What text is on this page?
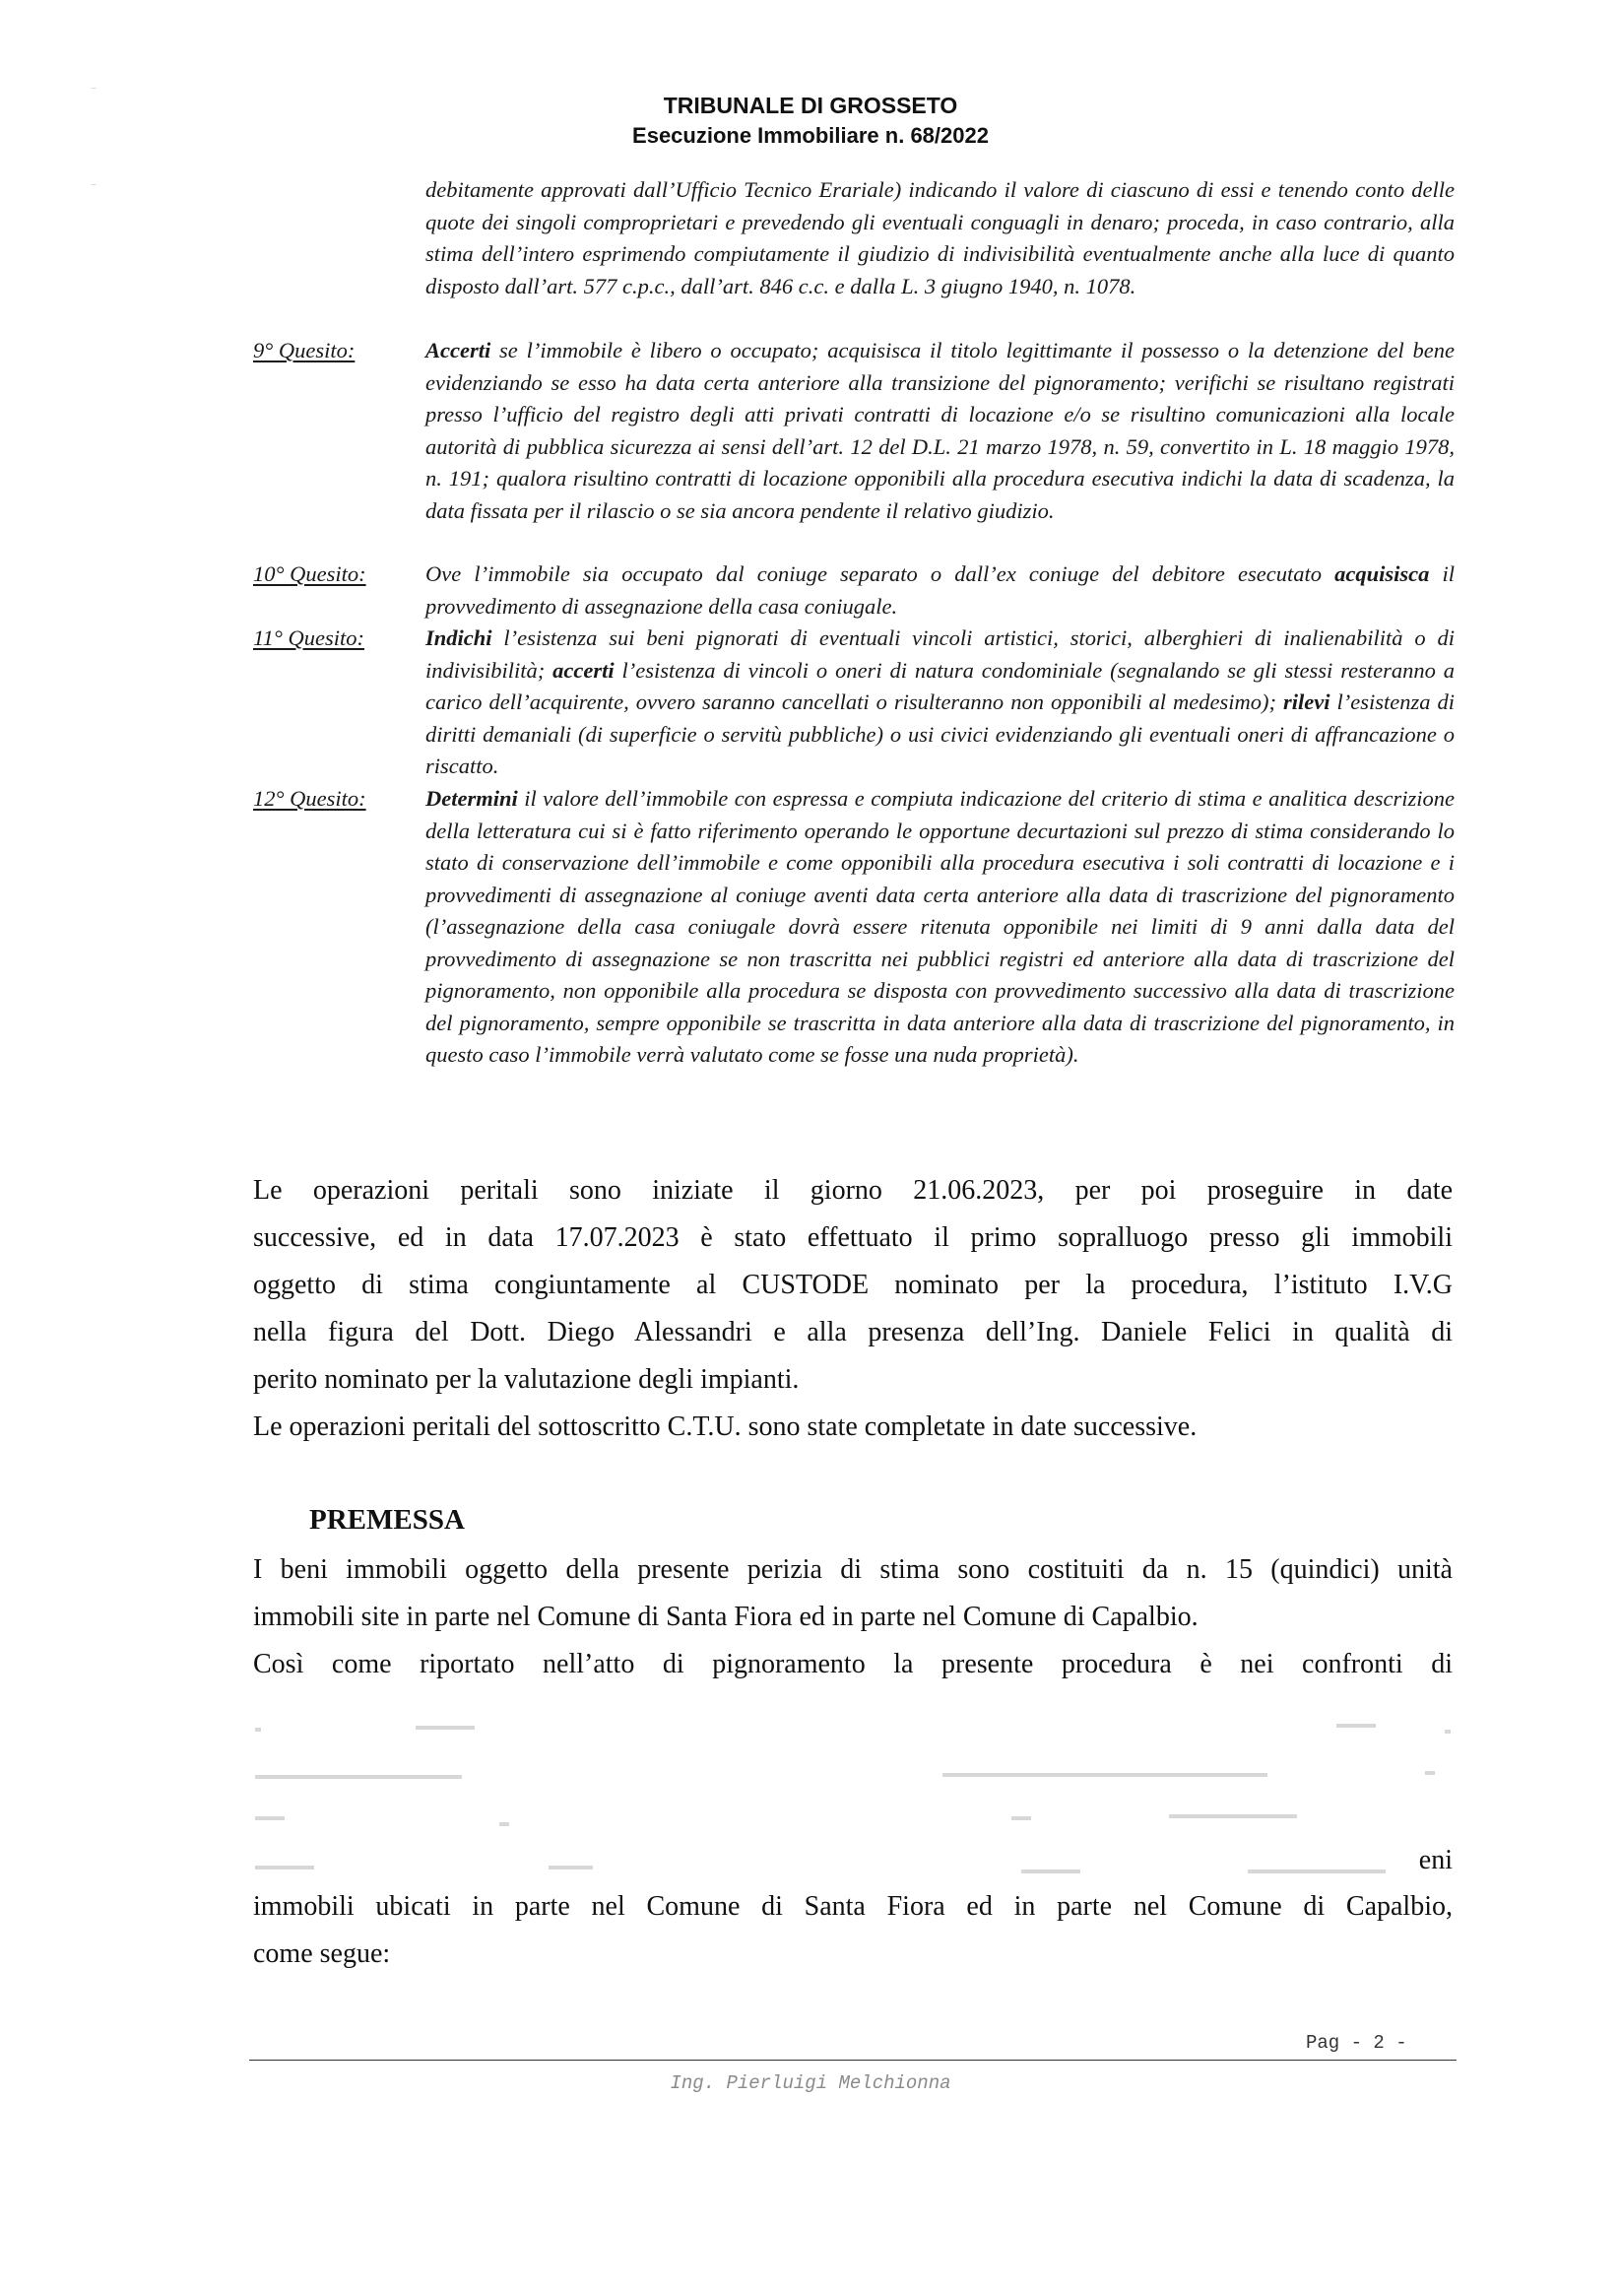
⁻
⁻
TRIBUNALE DI GROSSETO
Esecuzione Immobiliare n. 68/2022
debitamente approvati dall’Ufficio Tecnico Erariale) indicando il valore di ciascuno di essi e tenendo conto delle quote dei singoli comproprietari e prevedendo gli eventuali conguagli in denaro; proceda, in caso contrario, alla stima dell’intero esprimendo compiutamente il giudizio di indivisibilità eventualmente anche alla luce di quanto disposto dall’art. 577 c.p.c., dall’art. 846 c.c. e dalla L. 3 giugno 1940, n. 1078.
9° Quesito:	Accerti se l’immobile è libero o occupato; acquisisca il titolo legittimante il possesso o la detenzione del bene evidenziando se esso ha data certa anteriore alla transizione del pignoramento; verifichi se risultano registrati presso l’ufficio del registro degli atti privati contratti di locazione e/o se risultino comunicazioni alla locale autorità di pubblica sicurezza ai sensi dell’art. 12 del D.L. 21 marzo 1978, n. 59, convertito in L. 18 maggio 1978, n. 191; qualora risultino contratti di locazione opponibili alla procedura esecutiva indichi la data di scadenza, la data fissata per il rilascio o se sia ancora pendente il relativo giudizio.
10° Quesito:	Ove l’immobile sia occupato dal coniuge separato o dall’ex coniuge del debitore esecutato acquisisca il provvedimento di assegnazione della casa coniugale.
11° Quesito:	Indichi l’esistenza sui beni pignorati di eventuali vincoli artistici, storici, alberghieri di inalienabilità o di indivisibilità; accerti l’esistenza di vincoli o oneri di natura condominiale (segnalando se gli stessi resteranno a carico dell’acquirente, ovvero saranno cancellati o risulteranno non opponibili al medesimo); rilevi l’esistenza di diritti demaniali (di superficie o servitù pubbliche) o usi civici evidenziando gli eventuali oneri di affrancazione o riscatto.
12° Quesito:	Determini il valore dell’immobile con espressa e compiuta indicazione del criterio di stima e analitica descrizione della letteratura cui si è fatto riferimento operando le opportune decurtazioni sul prezzo di stima considerando lo stato di conservazione dell’immobile e come opponibili alla procedura esecutiva i soli contratti di locazione e i provvedimenti di assegnazione al coniuge aventi data certa anteriore alla data di trascrizione del pignoramento (l’assegnazione della casa coniugale dovrà essere ritenuta opponibile nei limiti di 9 anni dalla data del provvedimento di assegnazione se non trascritta nei pubblici registri ed anteriore alla data di trascrizione del pignoramento, non opponibile alla procedura se disposta con provvedimento successivo alla data di trascrizione del pignoramento, sempre opponibile se trascritta in data anteriore alla data di trascrizione del pignoramento, in questo caso l’immobile verrà valutato come se fosse una nuda proprietà).
Le operazioni peritali sono iniziate il giorno 21.06.2023, per poi proseguire in date
successive, ed in data 17.07.2023 è stato effettuato il primo sopralluogo presso gli immobili
oggetto di stima congiuntamente al CUSTODE nominato per la procedura, l’istituto I.V.G
nella figura del Dott. Diego Alessandri e alla presenza dell’Ing. Daniele Felici in qualità di
perito nominato per la valutazione degli impianti.
Le operazioni peritali del sottoscritto C.T.U. sono state completate in date successive.
PREMESSA
I beni immobili oggetto della presente perizia di stima sono costituiti da n. 15 (quindici) unità
immobili site in parte nel Comune di Santa Fiora ed in parte nel Comune di Capalbio.
Così come riportato nell’atto di pignoramento la presente procedura è nei confronti di
eni
immobili ubicati in parte nel Comune di Santa Fiora ed in parte nel Comune di Capalbio,
come segue:
Pag - 2 -
Ing. Pierluigi Melchionna
